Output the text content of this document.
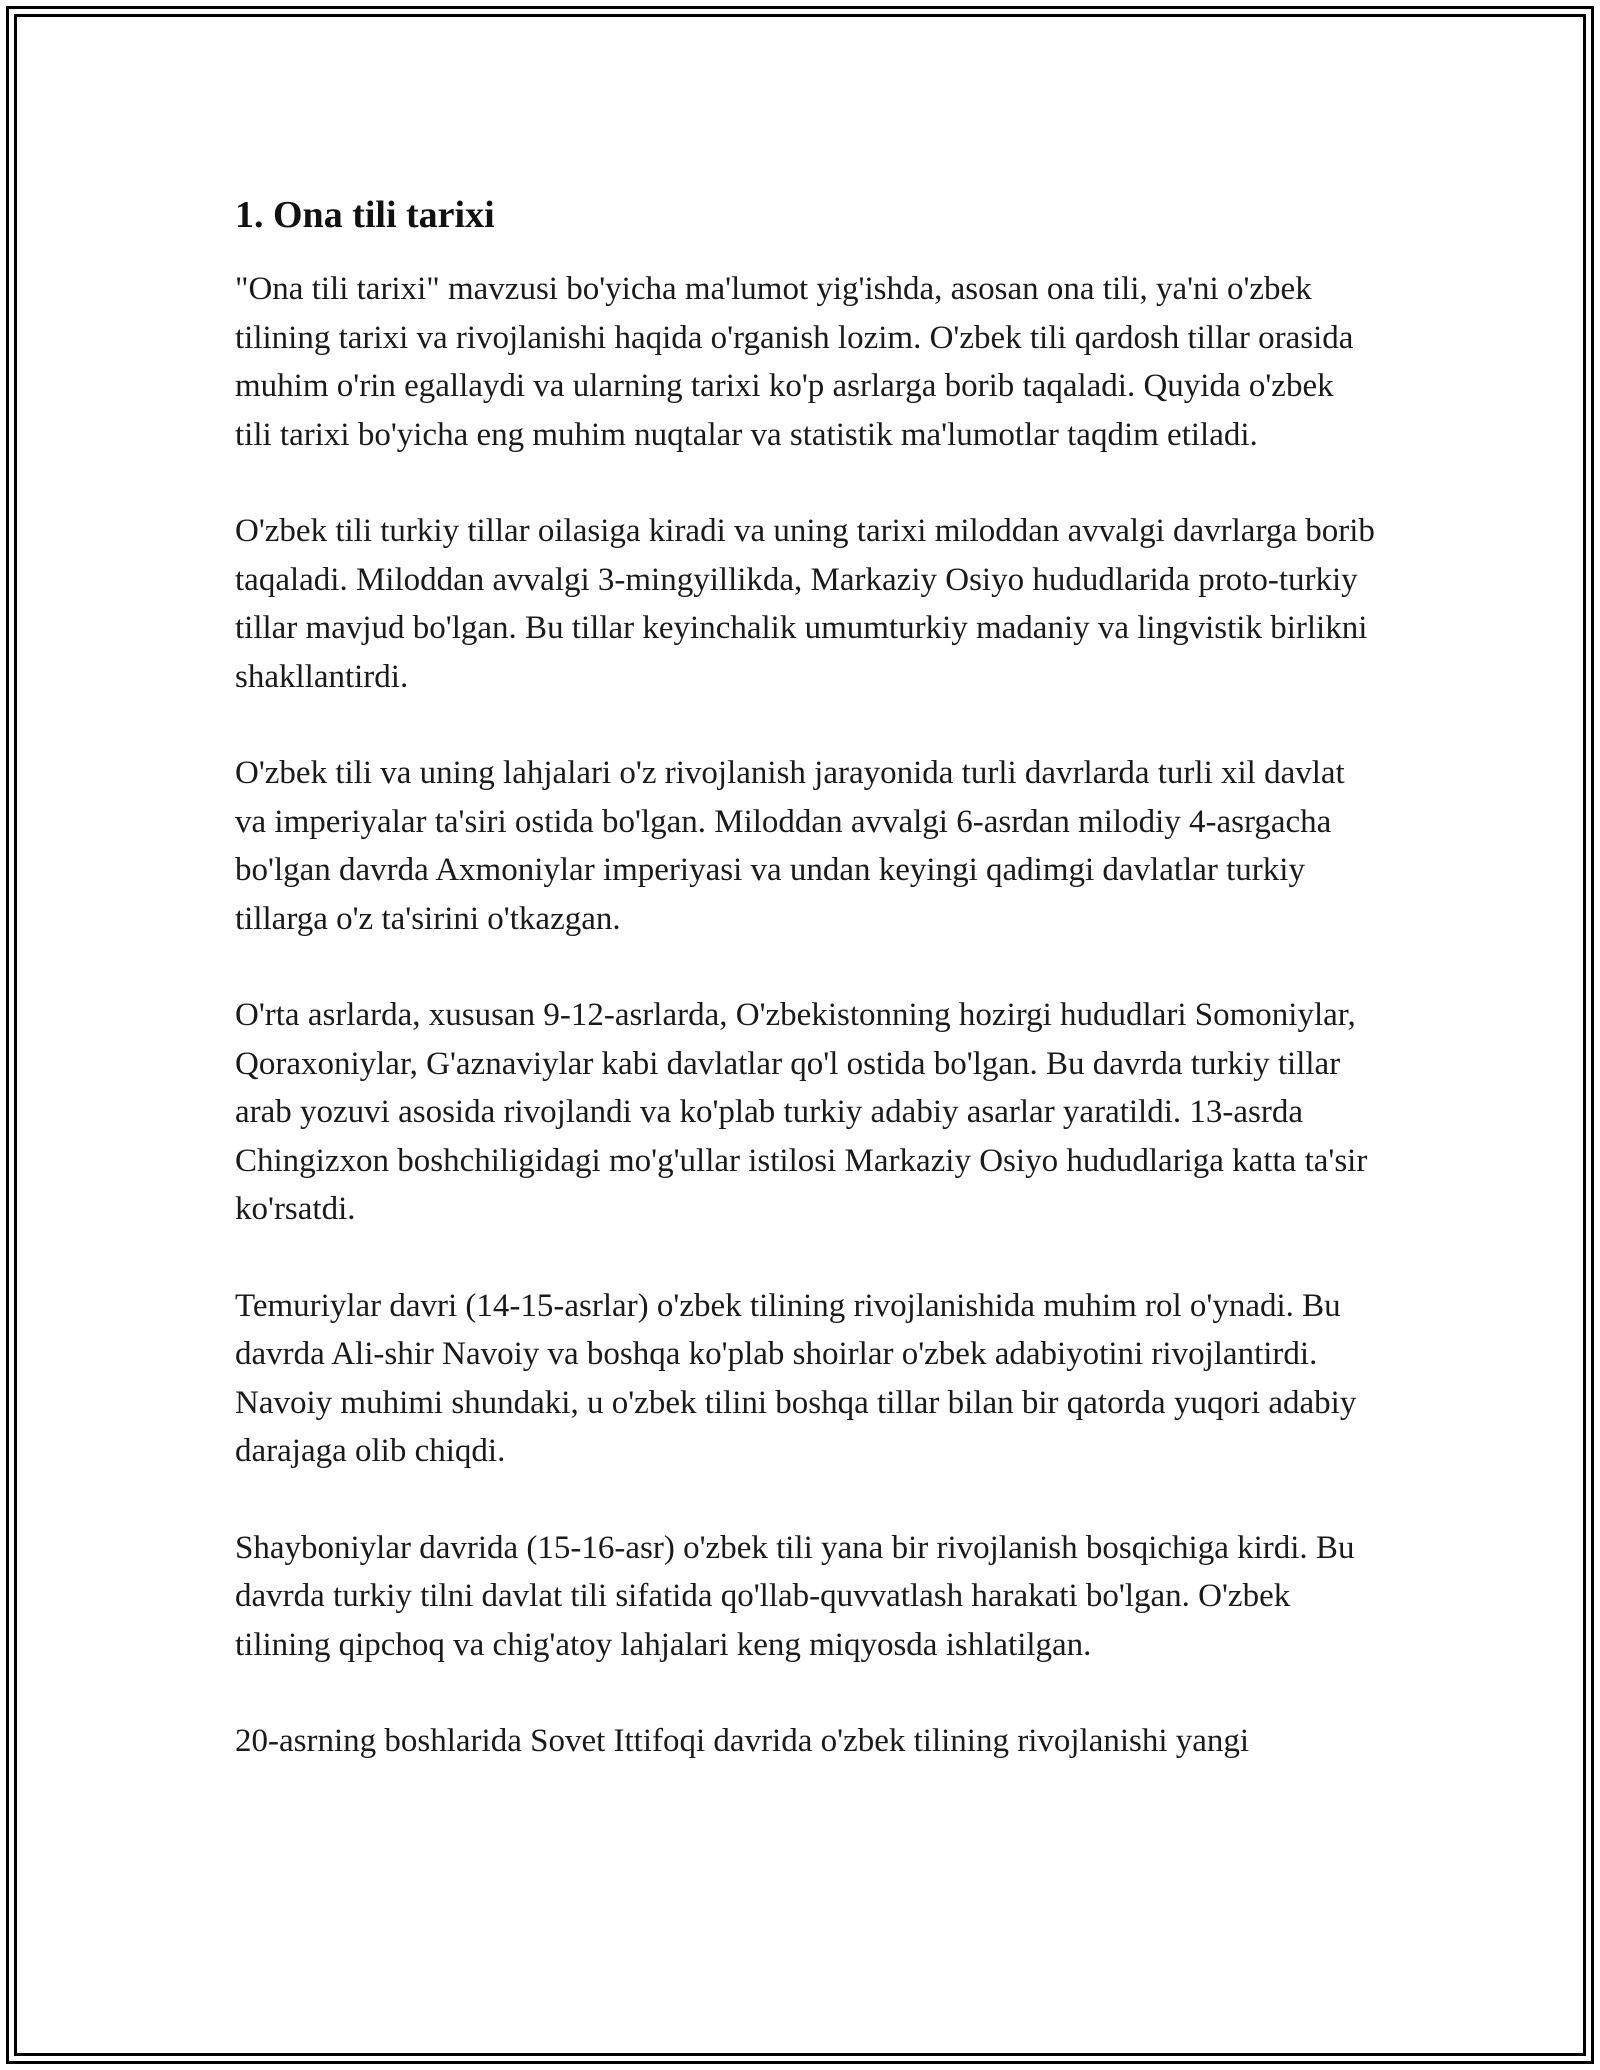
1. Ona tili tarixi

"Ona tili tarixi" mavzusi bo'yicha ma'lumot yig'ishda, asosan ona tili, ya'ni o'zbek tilining tarixi va rivojlanishi haqida o'rganish lozim. O'zbek tili qardosh tillar orasida muhim o'rin egallaydi va ularning tarixi ko'p asrlarga borib taqaladi. Quyida o'zbek tili tarixi bo'yicha eng muhim nuqtalar va statistik ma'lumotlar taqdim etiladi.

O'zbek tili turkiy tillar oilasiga kiradi va uning tarixi miloddan avvalgi davrlarga borib taqaladi. Miloddan avvalgi 3-mingyillikda, Markaziy Osiyo hududlarida proto-turkiy tillar mavjud bo'lgan. Bu tillar keyinchalik umumturkiy madaniy va lingvistik birlikni shakllantirdi.

O'zbek tili va uning lahjalari o'z rivojlanish jarayonida turli davrlarda turli xil davlat va imperiyalar ta'siri ostida bo'lgan. Miloddan avvalgi 6-asrdan milodiy 4-asrgacha bo'lgan davrda Axmoniylar imperiyasi va undan keyingi qadimgi davlatlar turkiy tillarga o'z ta'sirini o'tkazgan.

O'rta asrlarda, xususan 9-12-asrlarda, O'zbekistonning hozirgi hududlari Somoniylar, Qoraxoniylar, G'aznaviylar kabi davlatlar qo'l ostida bo'lgan. Bu davrda turkiy tillar arab yozuvi asosida rivojlandi va ko'plab turkiy adabiy asarlar yaratildi. 13-asrda Chingizxon boshchiligidagi mo'g'ullar istilosi Markaziy Osiyo hududlariga katta ta'sir ko'rsatdi.

Temuriylar davri (14-15-asrlar) o'zbek tilining rivojlanishida muhim rol o'ynadi. Bu davrda Ali-shir Navoiy va boshqa ko'plab shoirlar o'zbek adabiyotini rivojlantirdi. Navoiy muhimi shundaki, u o'zbek tilini boshqa tillar bilan bir qatorda yuqori adabiy darajaga olib chiqdi.

Shayboniylar davrida (15-16-asr) o'zbek tili yana bir rivojlanish bosqichiga kirdi. Bu davrda turkiy tilni davlat tili sifatida qo'llab-quvvatlash harakati bo'lgan. O'zbek tilining qipchoq va chig'atoy lahjalari keng miqyosda ishlatilgan.

20-asrning boshlarida Sovet Ittifoqi davrida o'zbek tilining rivojlanishi yangi
